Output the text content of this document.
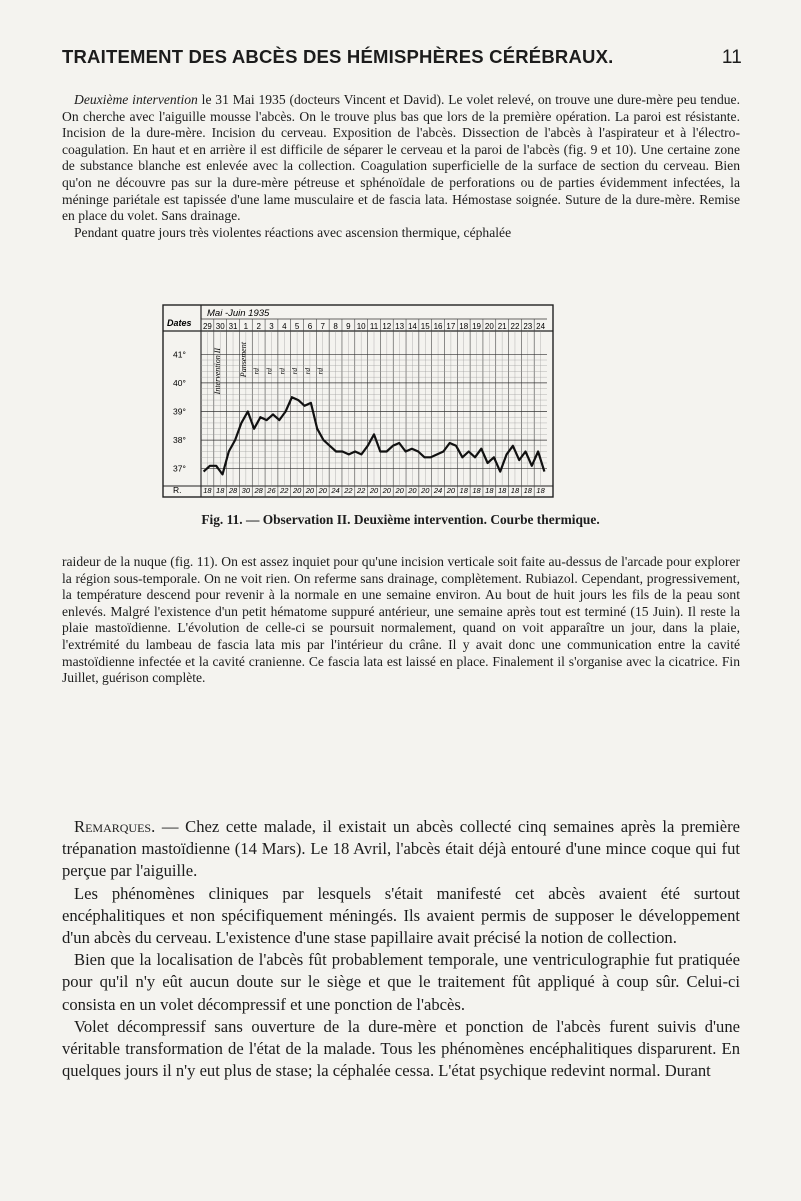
TRAITEMENT DES ABCÈS DES HÉMISPHÈRES CÉRÉBRAUX.	11

Deuxième intervention le 31 Mai 1935 (docteurs Vincent et David). Le volet relevé, on trouve une dure-mère peu tendue. On cherche avec l'aiguille mousse l'abcès. On le trouve plus bas que lors de la première opération. La paroi est résistante. Incision de la dure-mère. Incision du cerveau. Exposition de l'abcès. Dissection de l'abcès à l'aspirateur et à l'électro-coagulation. En haut et en arrière il est difficile de séparer le cerveau et la paroi de l'abcès (fig. 9 et 10). Une certaine zone de substance blanche est enlevée avec la collection. Coagulation superficielle de la surface de section du cerveau. Bien qu'on ne découvre pas sur la dure-mère pétreuse et sphénoïdale de perforations ou de parties évidemment infectées, la méninge pariétale est tapissée d'une lame musculaire et de fascia lata. Hémostase soignée. Suture de la dure-mère. Remise en place du volet. Sans drainage.

Pendant quatre jours très violentes réactions avec ascension thermique, céphalée

Dates
Mai -Juin 1935
29 30 31 1 2 3 4 5 6 7 8 9 10 11 12 13 14 15 16 17 18 19 20 21 22 23 24
41°
40°
39°
38°
37°
R.	18 18 28 30 28 26 22 20 20 20 24 22 22 20 20 20 20 20 24 20 18 18 18 18 18 18 18
Intervention II Pansement rd rd rd rd rd rd
Fig. 11. — Observation II. Deuxième intervention. Courbe thermique.

raideur de la nuque (fig. 11). On est assez inquiet pour qu'une incision verticale soit faite au-dessus de l'arcade pour explorer la région sous-temporale. On ne voit rien. On referme sans drainage, complètement. Rubiazol. Cependant, progressivement, la température descend pour revenir à la normale en une semaine environ. Au bout de huit jours les fils de la peau sont enlevés. Malgré l'existence d'un petit hématome suppuré antérieur, une semaine après tout est terminé (15 Juin). Il reste la plaie mastoïdienne. L'évolution de celle-ci se poursuit normalement, quand on voit apparaître un jour, dans la plaie, l'extrémité du lambeau de fascia lata mis par l'intérieur du crâne. Il y avait donc une communication entre la cavité mastoïdienne infectée et la cavité cranienne. Ce fascia lata est laissé en place. Finalement il s'organise avec la cicatrice. Fin Juillet, guérison complète.

Remarques. — Chez cette malade, il existait un abcès collecté cinq semaines après la première trépanation mastoïdienne (14 Mars). Le 18 Avril, l'abcès était déjà entouré d'une mince coque qui fut perçue par l'aiguille.

Les phénomènes cliniques par lesquels s'était manifesté cet abcès avaient été surtout encéphalitiques et non spécifiquement méningés. Ils avaient permis de supposer le développement d'un abcès du cerveau. L'existence d'une stase papillaire avait précisé la notion de collection.

Bien que la localisation de l'abcès fût probablement temporale, une ventriculographie fut pratiquée pour qu'il n'y eût aucun doute sur le siège et que le traitement fût appliqué à coup sûr. Celui-ci consista en un volet décompressif et une ponction de l'abcès.

Volet décompressif sans ouverture de la dure-mère et ponction de l'abcès furent suivis d'une véritable transformation de l'état de la malade. Tous les phénomènes encéphalitiques disparurent. En quelques jours il n'y eut plus de stase; la céphalée cessa. L'état psychique redevint normal. Durant
